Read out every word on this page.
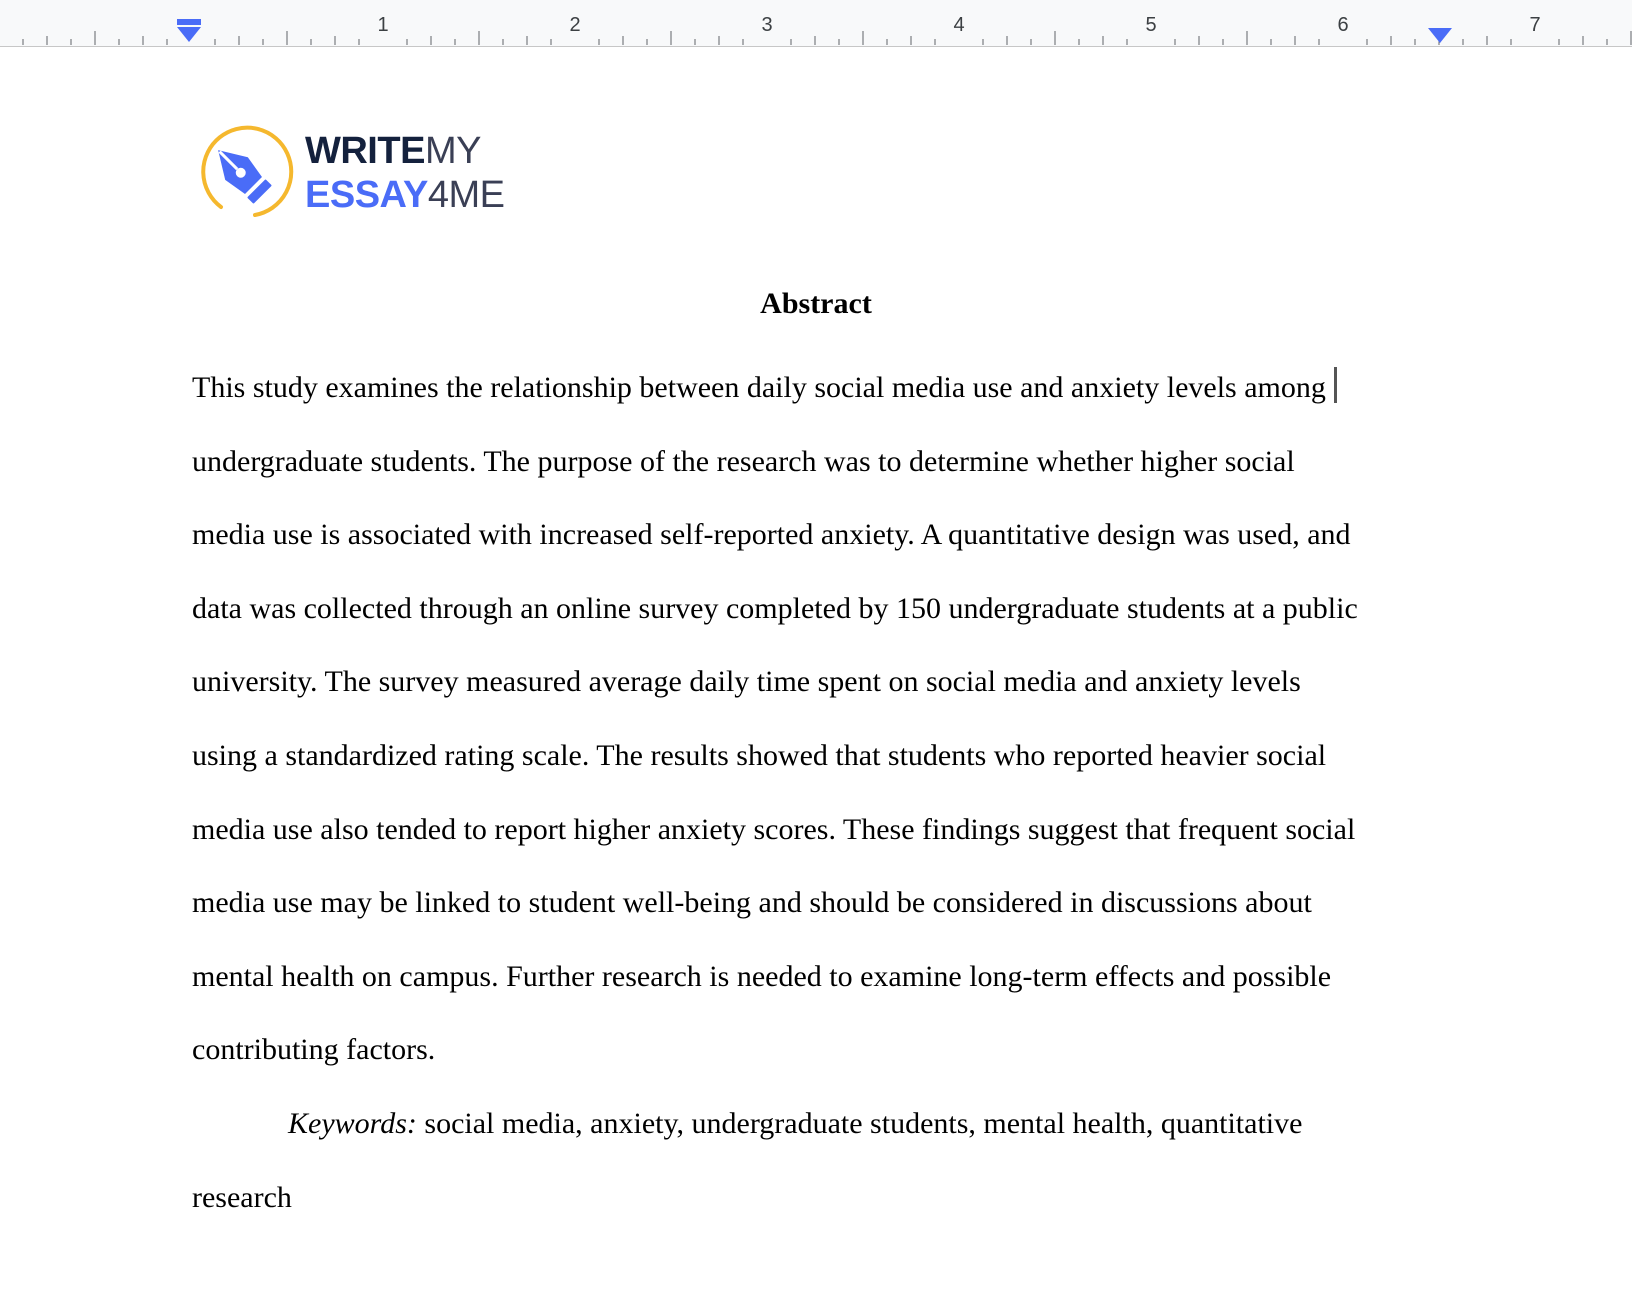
1	2	3	4	5	6	7
WRITEMY
ESSAY4ME
Abstract
This study examines the relationship between daily social media use and anxiety levels among
undergraduate students. The purpose of the research was to determine whether higher social
media use is associated with increased self-reported anxiety. A quantitative design was used, and
data was collected through an online survey completed by 150 undergraduate students at a public
university. The survey measured average daily time spent on social media and anxiety levels
using a standardized rating scale. The results showed that students who reported heavier social
media use also tended to report higher anxiety scores. These findings suggest that frequent social
media use may be linked to student well-being and should be considered in discussions about
mental health on campus. Further research is needed to examine long-term effects and possible
contributing factors.
Keywords: social media, anxiety, undergraduate students, mental health, quantitative
research
